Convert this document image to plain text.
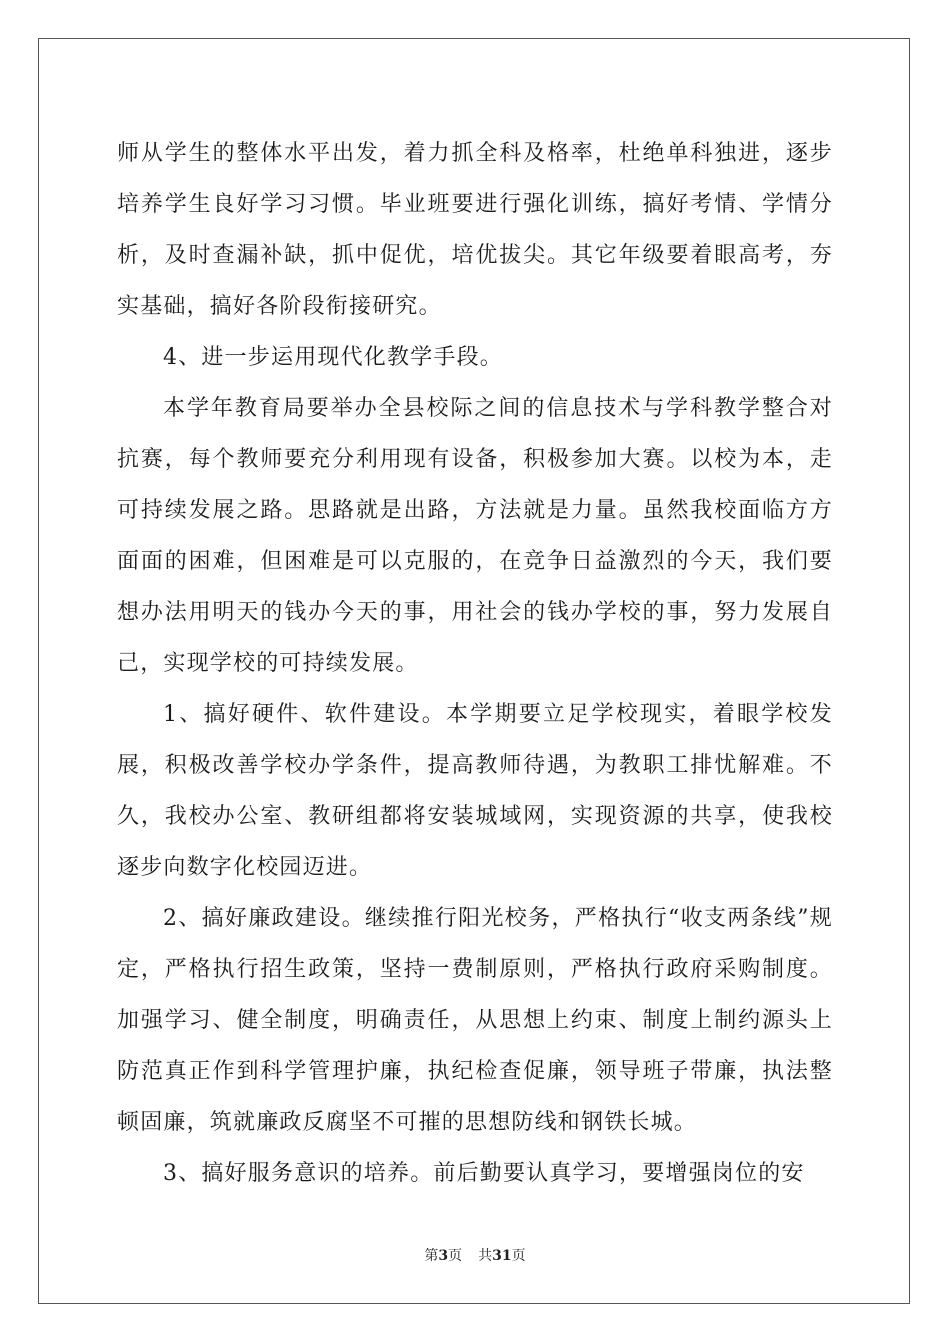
师从学生的整体水平出发，着力抓全科及格率，杜绝单科独进，逐步培养学生良好学习习惯。毕业班要进行强化训练，搞好考情、学情分析，及时查漏补缺，抓中促优，培优拔尖。其它年级要着眼高考，夯实基础，搞好各阶段衔接研究。

4、进一步运用现代化教学手段。

本学年教育局要举办全县校际之间的信息技术与学科教学整合对抗赛，每个教师要充分利用现有设备，积极参加大赛。以校为本，走可持续发展之路。思路就是出路，方法就是力量。虽然我校面临方方面面的困难，但困难是可以克服的，在竞争日益激烈的今天，我们要想办法用明天的钱办今天的事，用社会的钱办学校的事，努力发展自己，实现学校的可持续发展。

1、搞好硬件、软件建设。本学期要立足学校现实，着眼学校发展，积极改善学校办学条件，提高教师待遇，为教职工排忧解难。不久，我校办公室、教研组都将安装城域网，实现资源的共享，使我校逐步向数字化校园迈进。

2、搞好廉政建设。继续推行阳光校务，严格执行“收支两条线”规定，严格执行招生政策，坚持一费制原则，严格执行政府采购制度。加强学习、健全制度，明确责任，从思想上约束、制度上制约源头上防范真正作到科学管理护廉，执纪检查促廉，领导班子带廉，执法整顿固廉，筑就廉政反腐坚不可摧的思想防线和钢铁长城。

3、搞好服务意识的培养。前后勤要认真学习，要增强岗位的安

第3页 共31页
